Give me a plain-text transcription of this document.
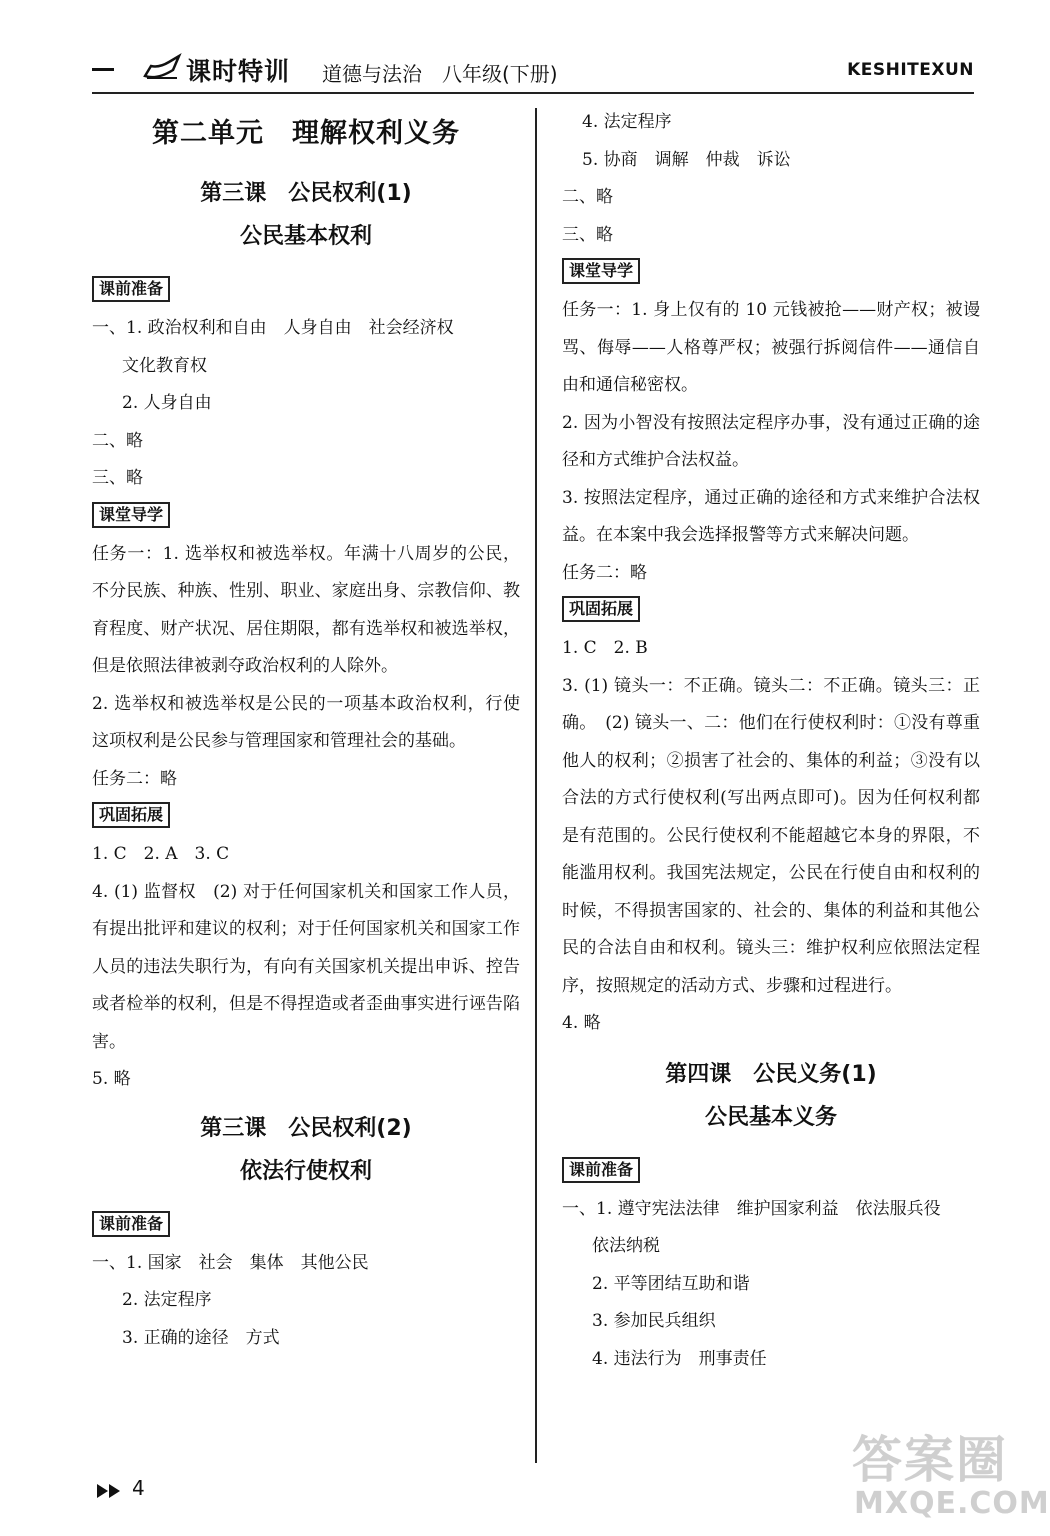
课时特训 道德与法治　八年级(下册)	KESHITEXUN
第二单元　理解权利义务
第三课　公民权利(1)
公民基本权利
课前准备
一、1. 政治权利和自由　人身自由　社会经济权
文化教育权
2. 人身自由
二、略
三、略
课堂导学
任务一：1. 选举权和被选举权。年满十八周岁的公民，不分民族、种族、性别、职业、家庭出身、宗教信仰、教育程度、财产状况、居住期限，都有选举权和被选举权，但是依照法律被剥夺政治权利的人除外。
2. 选举权和被选举权是公民的一项基本政治权利，行使这项权利是公民参与管理国家和管理社会的基础。
任务二：略
巩固拓展
1. C　2. A　3. C
4. (1) 监督权　(2) 对于任何国家机关和国家工作人员，有提出批评和建议的权利；对于任何国家机关和国家工作人员的违法失职行为，有向有关国家机关提出申诉、控告或者检举的权利，但是不得捏造或者歪曲事实进行诬告陷害。
5. 略
第三课　公民权利(2)
依法行使权利
课前准备
一、1. 国家　社会　集体　其他公民
2. 法定程序
3. 正确的途径　方式
4. 法定程序
5. 协商　调解　仲裁　诉讼
二、略
三、略
课堂导学
任务一：1. 身上仅有的 10 元钱被抢——财产权；被谩骂、侮辱——人格尊严权；被强行拆阅信件——通信自由和通信秘密权。
2. 因为小智没有按照法定程序办事，没有通过正确的途径和方式维护合法权益。
3. 按照法定程序，通过正确的途径和方式来维护合法权益。在本案中我会选择报警等方式来解决问题。
任务二：略
巩固拓展
1. C　2. B
3. (1) 镜头一：不正确。镜头二：不正确。镜头三：正确。　(2) 镜头一、二：他们在行使权利时：①没有尊重他人的权利；②损害了社会的、集体的利益；③没有以合法的方式行使权利(写出两点即可)。因为任何权利都是有范围的。公民行使权利不能超越它本身的界限，不能滥用权利。我国宪法规定，公民在行使自由和权利的时候，不得损害国家的、社会的、集体的利益和其他公民的合法自由和权利。镜头三：维护权利应依照法定程序，按照规定的活动方式、步骤和过程进行。
4. 略
第四课　公民义务(1)
公民基本义务
课前准备
一、1. 遵守宪法法律　维护国家利益　依法服兵役
依法纳税
2. 平等团结互助和谐
3. 参加民兵组织
4. 违法行为　刑事责任
4	答案圈
MXQE.COM
